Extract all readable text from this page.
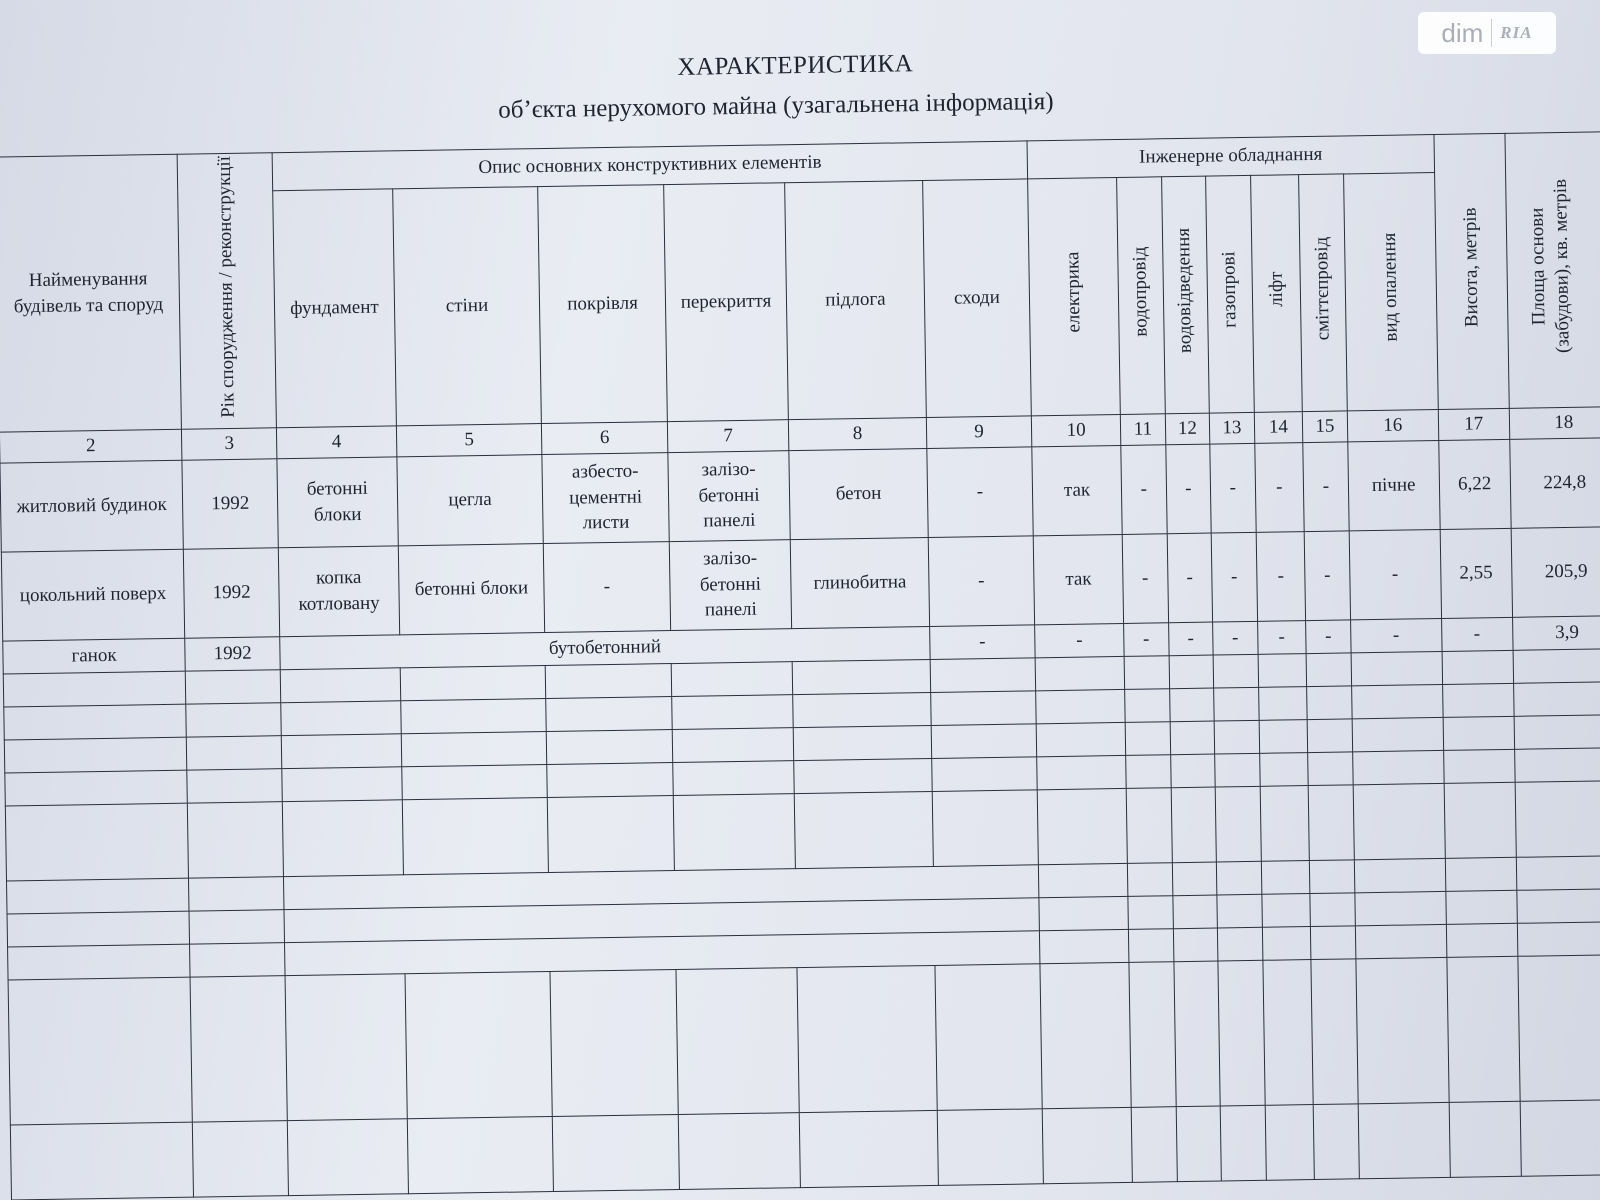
dim RIA
ХАРАКТЕРИСТИКА
об’єкта нерухомого майна (узагальнена інформація)
Найменування будівель та споруд	Рік спорудження / реконструкції	Опис основних конструктивних елементів						Інженерне обладнання							Висота, метрів	Площа основи (забудови), кв. метрів
		фундамент	стіни	покрівля	перекриття	підлога	сходи	електрика	водопровід	водовідведення	газопрові	ліфт	сміттєпровід	вид опалення		
2	3	4	5	6	7	8	9	10	11	12	13	14	15	16	17	18
житловий будинок	1992	бетонні блоки	цегла	азбесто-цементні листи	залізо-бетонні панелі	бетон	-	так	-	-	-	-	-	пічне	6,22	224,8
цокольний поверх	1992	копка котловану	бетонні блоки	-	залізо-бетонні панелі	глинобитна	-	так	-	-	-	-	-	-	2,55	205,9
ганок	1992	бутобетонний					-	-	-	-	-	-	-	-	-	3,9
